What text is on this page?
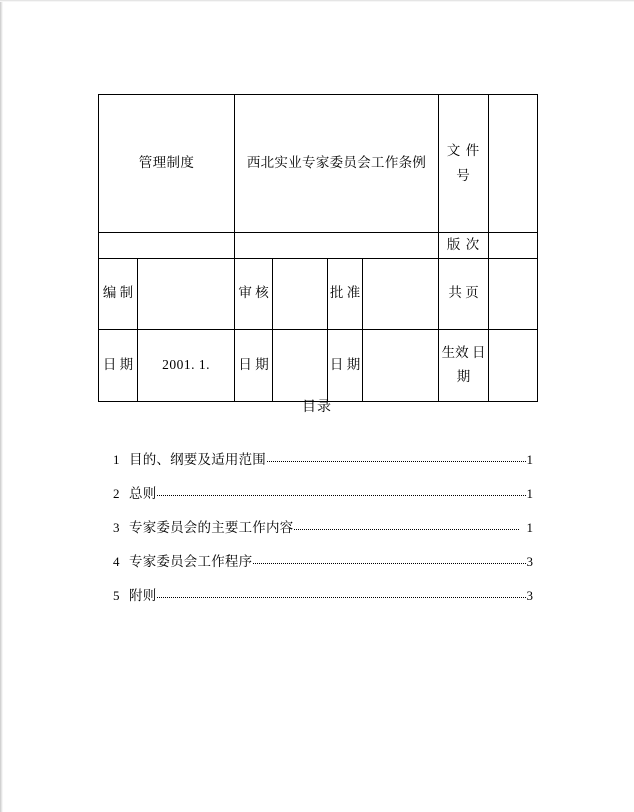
管理制度		西北实业专家委员会工作条例				文 件 号	
						版 次	
编 制		审 核		批 准		共 页	
日 期	2001. 1.	日 期		日 期		生效 日期	
目录
1 目的、纲要及适用范围	1
2 总则	1
3 专家委员会的主要工作内容	1
4 专家委员会工作程序	3
5 附则	3
